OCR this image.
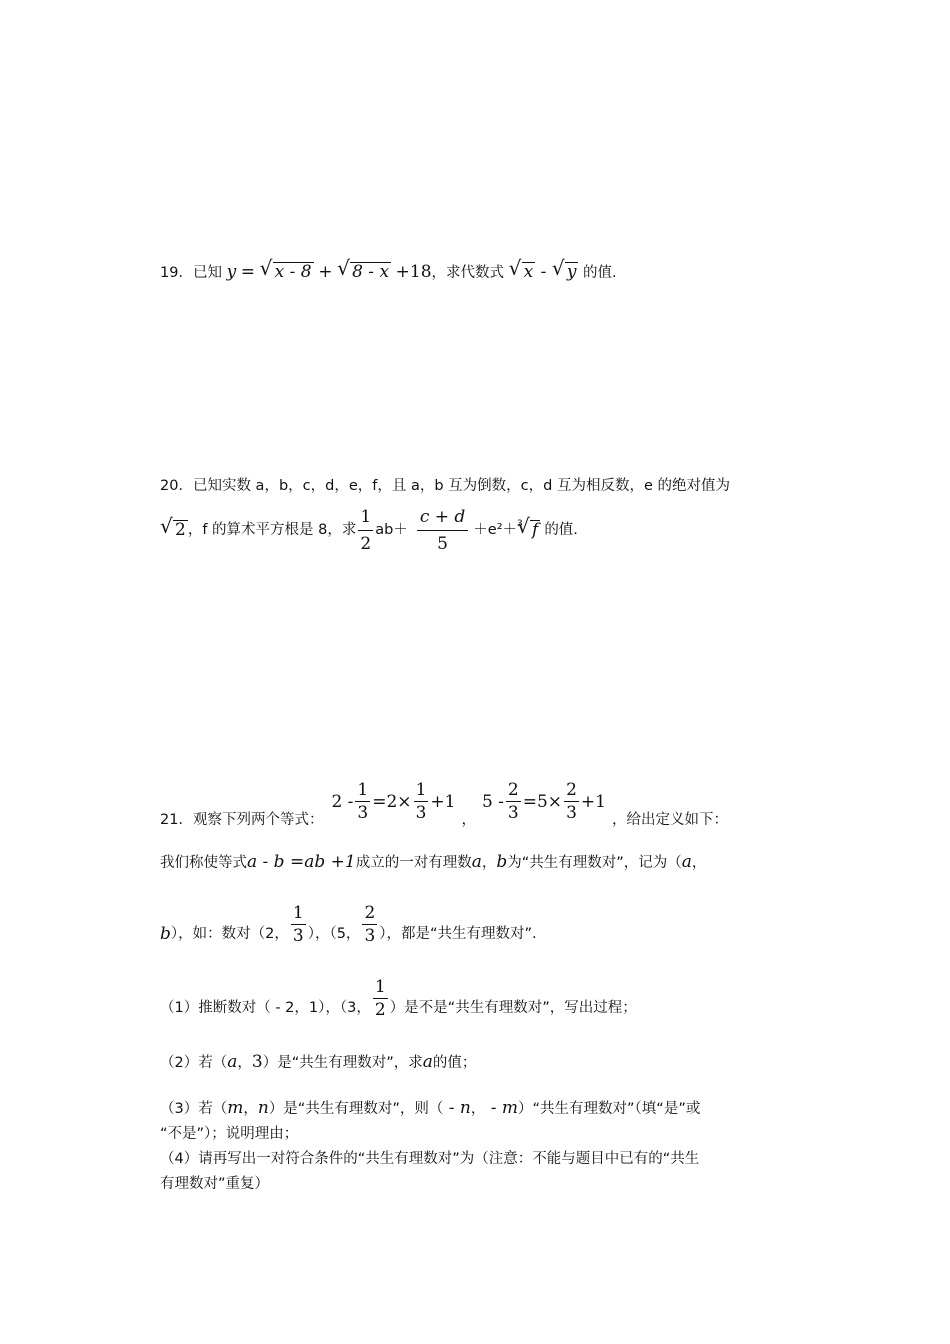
19．已知 y = √ x - 8 + √ 8 - x +18，求代数式 √ x - √ y 的值.
20．已知实数 a，b，c，d，e，f，且 a，b 互为倒数，c，d 互为相反数，e 的绝对值为
√ 2 ，f 的算术平方根是 8，求 $\frac{1}{2} ab+ \frac{c + d}{5} +e^2+ 3$ √ f 的值.
21． 观察下列两个等式：
$2 - \frac{1}{3} =2\times \frac{1}{3} +1$
，
$5 - \frac{2}{3} =5\times \frac{2}{3} +1$
，给出定义如下：
我们称使等式a - b =ab +1成立的一对有理数a，b为“共生有理数对”，记为（a，
b ），如：数对（2， $\frac{1}{3}$ ），（5， $\frac{2}{3}$ ），都是“共生有理数对”.
（1）推断数对（ - 2，1），（3， $\frac{1}{2}$ ）是不是“共生有理数对”，写出过程；
（2）若（a，3）是“共生有理数对”，求a的值；
（3）若（m，n）是“共生有理数对”，则（ - n， - m）“共生有理数对”（填“是”或
“不是”）；说明理由；
（4）请再写出一对符合条件的“共生有理数对”为（注意：不能与题目中已有的“共生
有理数对”重复）
